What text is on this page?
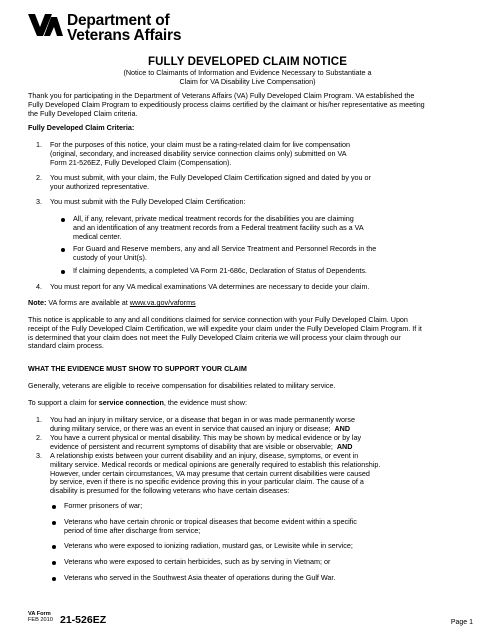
Department of
Veterans Affairs
FULLY DEVELOPED CLAIM NOTICE
(Notice to Claimants of Information and Evidence Necessary to Substantiate a
Claim for VA Disability Live Compensation)
Thank you for participating in the Department of Veterans Affairs (VA) Fully Developed Claim Program. VA established the
Fully Developed Claim Program to expeditiously process claims certified by the claimant or his/her representative as meeting
the Fully Developed Claim criteria.
Fully Developed Claim Criteria:
1. For the purposes of this notice, your claim must be a rating-related claim for live compensation
(original, secondary, and increased disability service connection claims only) submitted on VA
Form 21-526EZ, Fully Developed Claim (Compensation).
2. You must submit, with your claim, the Fully Developed Claim Certification signed and dated by you or
your authorized representative.
3. You must submit with the Fully Developed Claim Certification:
All, if any, relevant, private medical treatment records for the disabilities you are claiming
and an identification of any treatment records from a Federal treatment facility such as a VA
medical center.
For Guard and Reserve members, any and all Service Treatment and Personnel Records in the
custody of your Unit(s).
If claiming dependents, a completed VA Form 21-686c, Declaration of Status of Dependents.
4. You must report for any VA medical examinations VA determines are necessary to decide your claim.
Note: VA forms are available at www.va.gov/vaforms
This notice is applicable to any and all conditions claimed for service connection with your Fully Developed Claim. Upon
receipt of the Fully Developed Claim Certification, we will expedite your claim under the Fully Developed Claim Program. If it
is determined that your claim does not meet the Fully Developed Claim criteria we will process your claim through our
standard claim process.
WHAT THE EVIDENCE MUST SHOW TO SUPPORT YOUR CLAIM
Generally, veterans are eligible to receive compensation for disabilities related to military service.
To support a claim for service connection, the evidence must show:
1. You had an injury in military service, or a disease that began in or was made permanently worse
during military service, or there was an event in service that caused an injury or disease; AND
2. You have a current physical or mental disability. This may be shown by medical evidence or by lay
evidence of persistent and recurrent symptoms of disability that are visible or observable; AND
3. A relationship exists between your current disability and an injury, disease, symptoms, or event in
military service. Medical records or medical opinions are generally required to establish this relationship.
However, under certain circumstances, VA may presume that certain current disabilities were caused
by service, even if there is no specific evidence proving this in your particular claim. The cause of a
disability is presumed for the following veterans who have certain diseases:
Former prisoners of war;
Veterans who have certain chronic or tropical diseases that become evident within a specific
period of time after discharge from service;
Veterans who were exposed to ionizing radiation, mustard gas, or Lewisite while in service;
Veterans who were exposed to certain herbicides, such as by serving in Vietnam; or
Veterans who served in the Southwest Asia theater of operations during the Gulf War.
VA Form
FEB 2010 21-526EZ	Page 1
